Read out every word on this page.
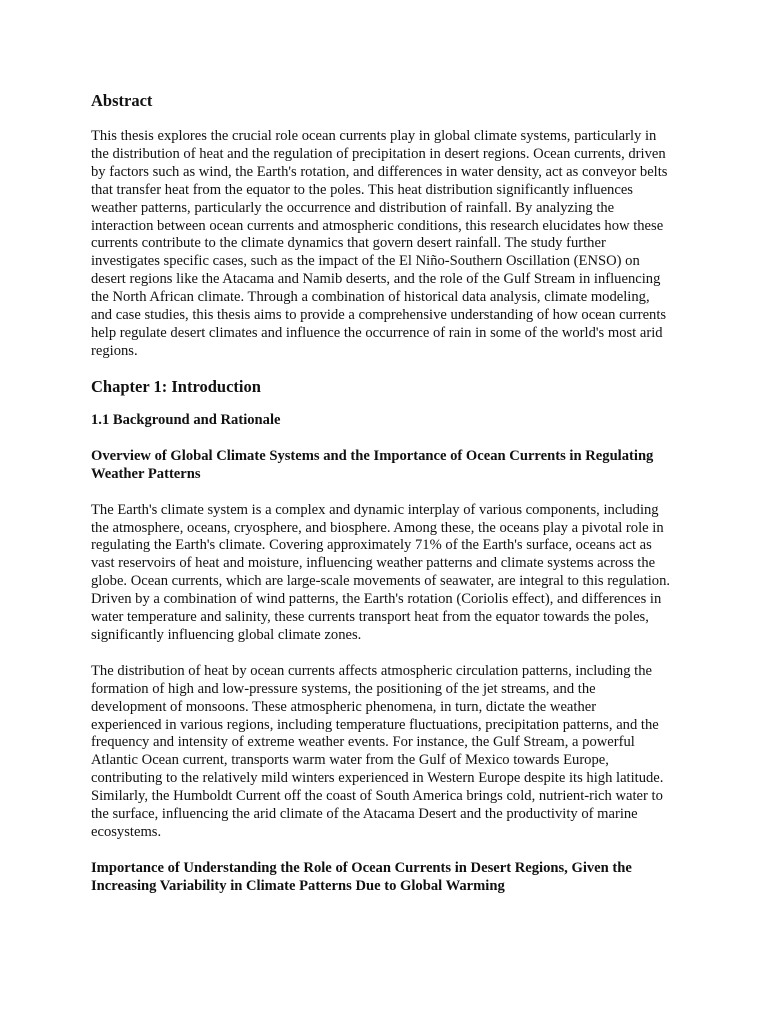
Abstract

This thesis explores the crucial role ocean currents play in global climate systems, particularly in the distribution of heat and the regulation of precipitation in desert regions. Ocean currents, driven by factors such as wind, the Earth's rotation, and differences in water density, act as conveyor belts that transfer heat from the equator to the poles. This heat distribution significantly influences weather patterns, particularly the occurrence and distribution of rainfall. By analyzing the interaction between ocean currents and atmospheric conditions, this research elucidates how these currents contribute to the climate dynamics that govern desert rainfall. The study further investigates specific cases, such as the impact of the El Niño-Southern Oscillation (ENSO) on desert regions like the Atacama and Namib deserts, and the role of the Gulf Stream in influencing the North African climate. Through a combination of historical data analysis, climate modeling, and case studies, this thesis aims to provide a comprehensive understanding of how ocean currents help regulate desert climates and influence the occurrence of rain in some of the world's most arid regions.

Chapter 1: Introduction
1.1 Background and Rationale
Overview of Global Climate Systems and the Importance of Ocean Currents in Regulating Weather Patterns

The Earth's climate system is a complex and dynamic interplay of various components, including the atmosphere, oceans, cryosphere, and biosphere. Among these, the oceans play a pivotal role in regulating the Earth's climate. Covering approximately 71% of the Earth's surface, oceans act as vast reservoirs of heat and moisture, influencing weather patterns and climate systems across the globe. Ocean currents, which are large-scale movements of seawater, are integral to this regulation. Driven by a combination of wind patterns, the Earth's rotation (Coriolis effect), and differences in water temperature and salinity, these currents transport heat from the equator towards the poles, significantly influencing global climate zones.

The distribution of heat by ocean currents affects atmospheric circulation patterns, including the formation of high and low-pressure systems, the positioning of the jet streams, and the development of monsoons. These atmospheric phenomena, in turn, dictate the weather experienced in various regions, including temperature fluctuations, precipitation patterns, and the frequency and intensity of extreme weather events. For instance, the Gulf Stream, a powerful Atlantic Ocean current, transports warm water from the Gulf of Mexico towards Europe, contributing to the relatively mild winters experienced in Western Europe despite its high latitude. Similarly, the Humboldt Current off the coast of South America brings cold, nutrient-rich water to the surface, influencing the arid climate of the Atacama Desert and the productivity of marine ecosystems.

Importance of Understanding the Role of Ocean Currents in Desert Regions, Given the Increasing Variability in Climate Patterns Due to Global Warming
